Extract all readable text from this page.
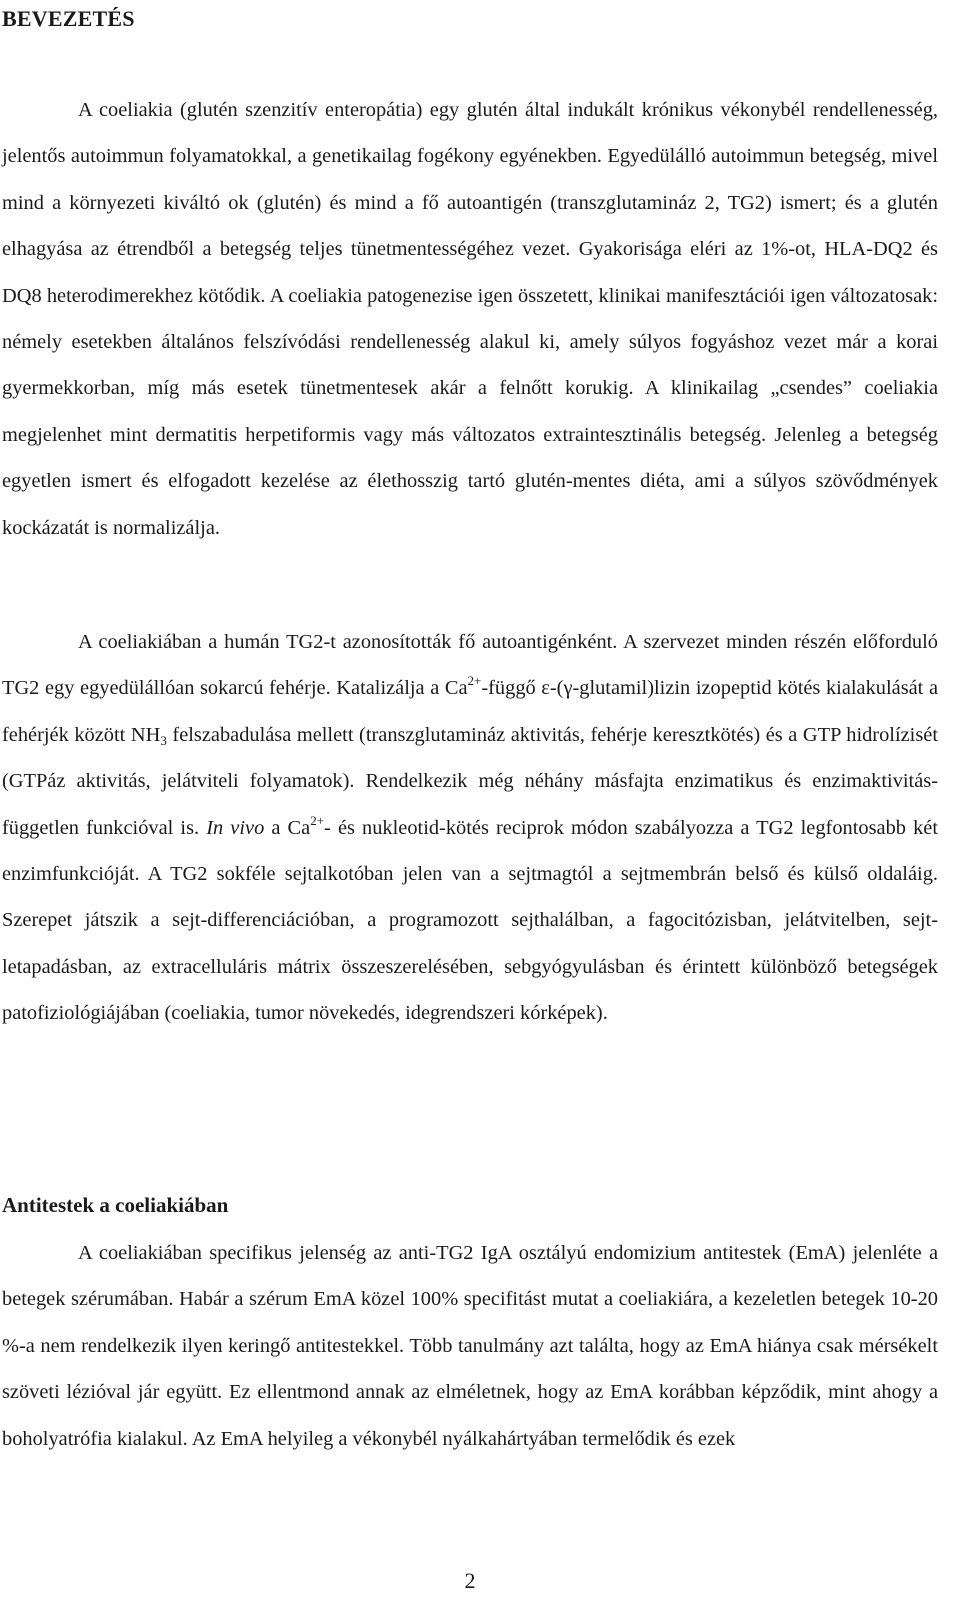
BEVEZETÉS

A coeliakia (glutén szenzitív enteropátia) egy glutén által indukált krónikus vékonybél rendellenesség, jelentős autoimmun folyamatokkal, a genetikailag fogékony egyénekben. Egyedülálló autoimmun betegség, mivel mind a környezeti kiváltó ok (glutén) és mind a fő autoantigén (transzglutamináz 2, TG2) ismert; és a glutén elhagyása az étrendből a betegség teljes tünetmentességéhez vezet. Gyakorisága eléri az 1%-ot, HLA-DQ2 és DQ8 heterodimerekhez kötődik. A coeliakia patogenezise igen összetett, klinikai manifesztációi igen változatosak: némely esetekben általános felszívódási rendellenesség alakul ki, amely súlyos fogyáshoz vezet már a korai gyermekkorban, míg más esetek tünetmentesek akár a felnőtt korukig. A klinikailag „csendes” coeliakia megjelenhet mint dermatitis herpetiformis vagy más változatos extraintesztinális betegség. Jelenleg a betegség egyetlen ismert és elfogadott kezelése az élethosszig tartó glutén-mentes diéta, ami a súlyos szövődmények kockázatát is normalizálja.

A coeliakiában a humán TG2-t azonosították fő autoantigénként. A szervezet minden részén előforduló TG2 egy egyedülállóan sokarcú fehérje. Katalizálja a $Ca^{2+}$-függő ε-(γ-glutamil)lizin izopeptid kötés kialakulását a fehérjék között $NH_3$ felszabadulása mellett (transzglutamináz aktivitás, fehérje keresztkötés) és a GTP hidrolízisét (GTPáz aktivitás, jelátviteli folyamatok). Rendelkezik még néhány másfajta enzimatikus és enzimaktivitás-független funkcióval is. In vivo a $Ca^{2+}-$ és nukleotid-kötés reciprok módon szabályozza a TG2 legfontosabb két enzimfunkcióját. A TG2 sokféle sejtalkotóban jelen van a sejtmagtól a sejtmembrán belső és külső oldaláig. Szerepet játszik a sejt-differenciációban, a programozott sejthalálban, a fagocitózisban, jelátvitelben, sejt-letapadásban, az extracelluláris mátrix összeszerelésében, sebgyógyulásban és érintett különböző betegségek patofiziológiájában (coeliakia, tumor növekedés, idegrendszeri kórképek).

Antitestek a coeliakiában

A coeliakiában specifikus jelenség az anti-TG2 IgA osztályú endomizium antitestek (EmA) jelenléte a betegek szérumában. Habár a szérum EmA közel 100% specifitást mutat a coeliakiára, a kezeletlen betegek 10-20 %-a nem rendelkezik ilyen keringő antitestekkel. Több tanulmány azt találta, hogy az EmA hiánya csak mérsékelt szöveti lézióval jár együtt. Ez ellentmond annak az elméletnek, hogy az EmA korábban képződik, mint ahogy a boholyatrófia kialakul. Az EmA helyileg a vékonybél nyálkahártyában termelődik és ezek

2
